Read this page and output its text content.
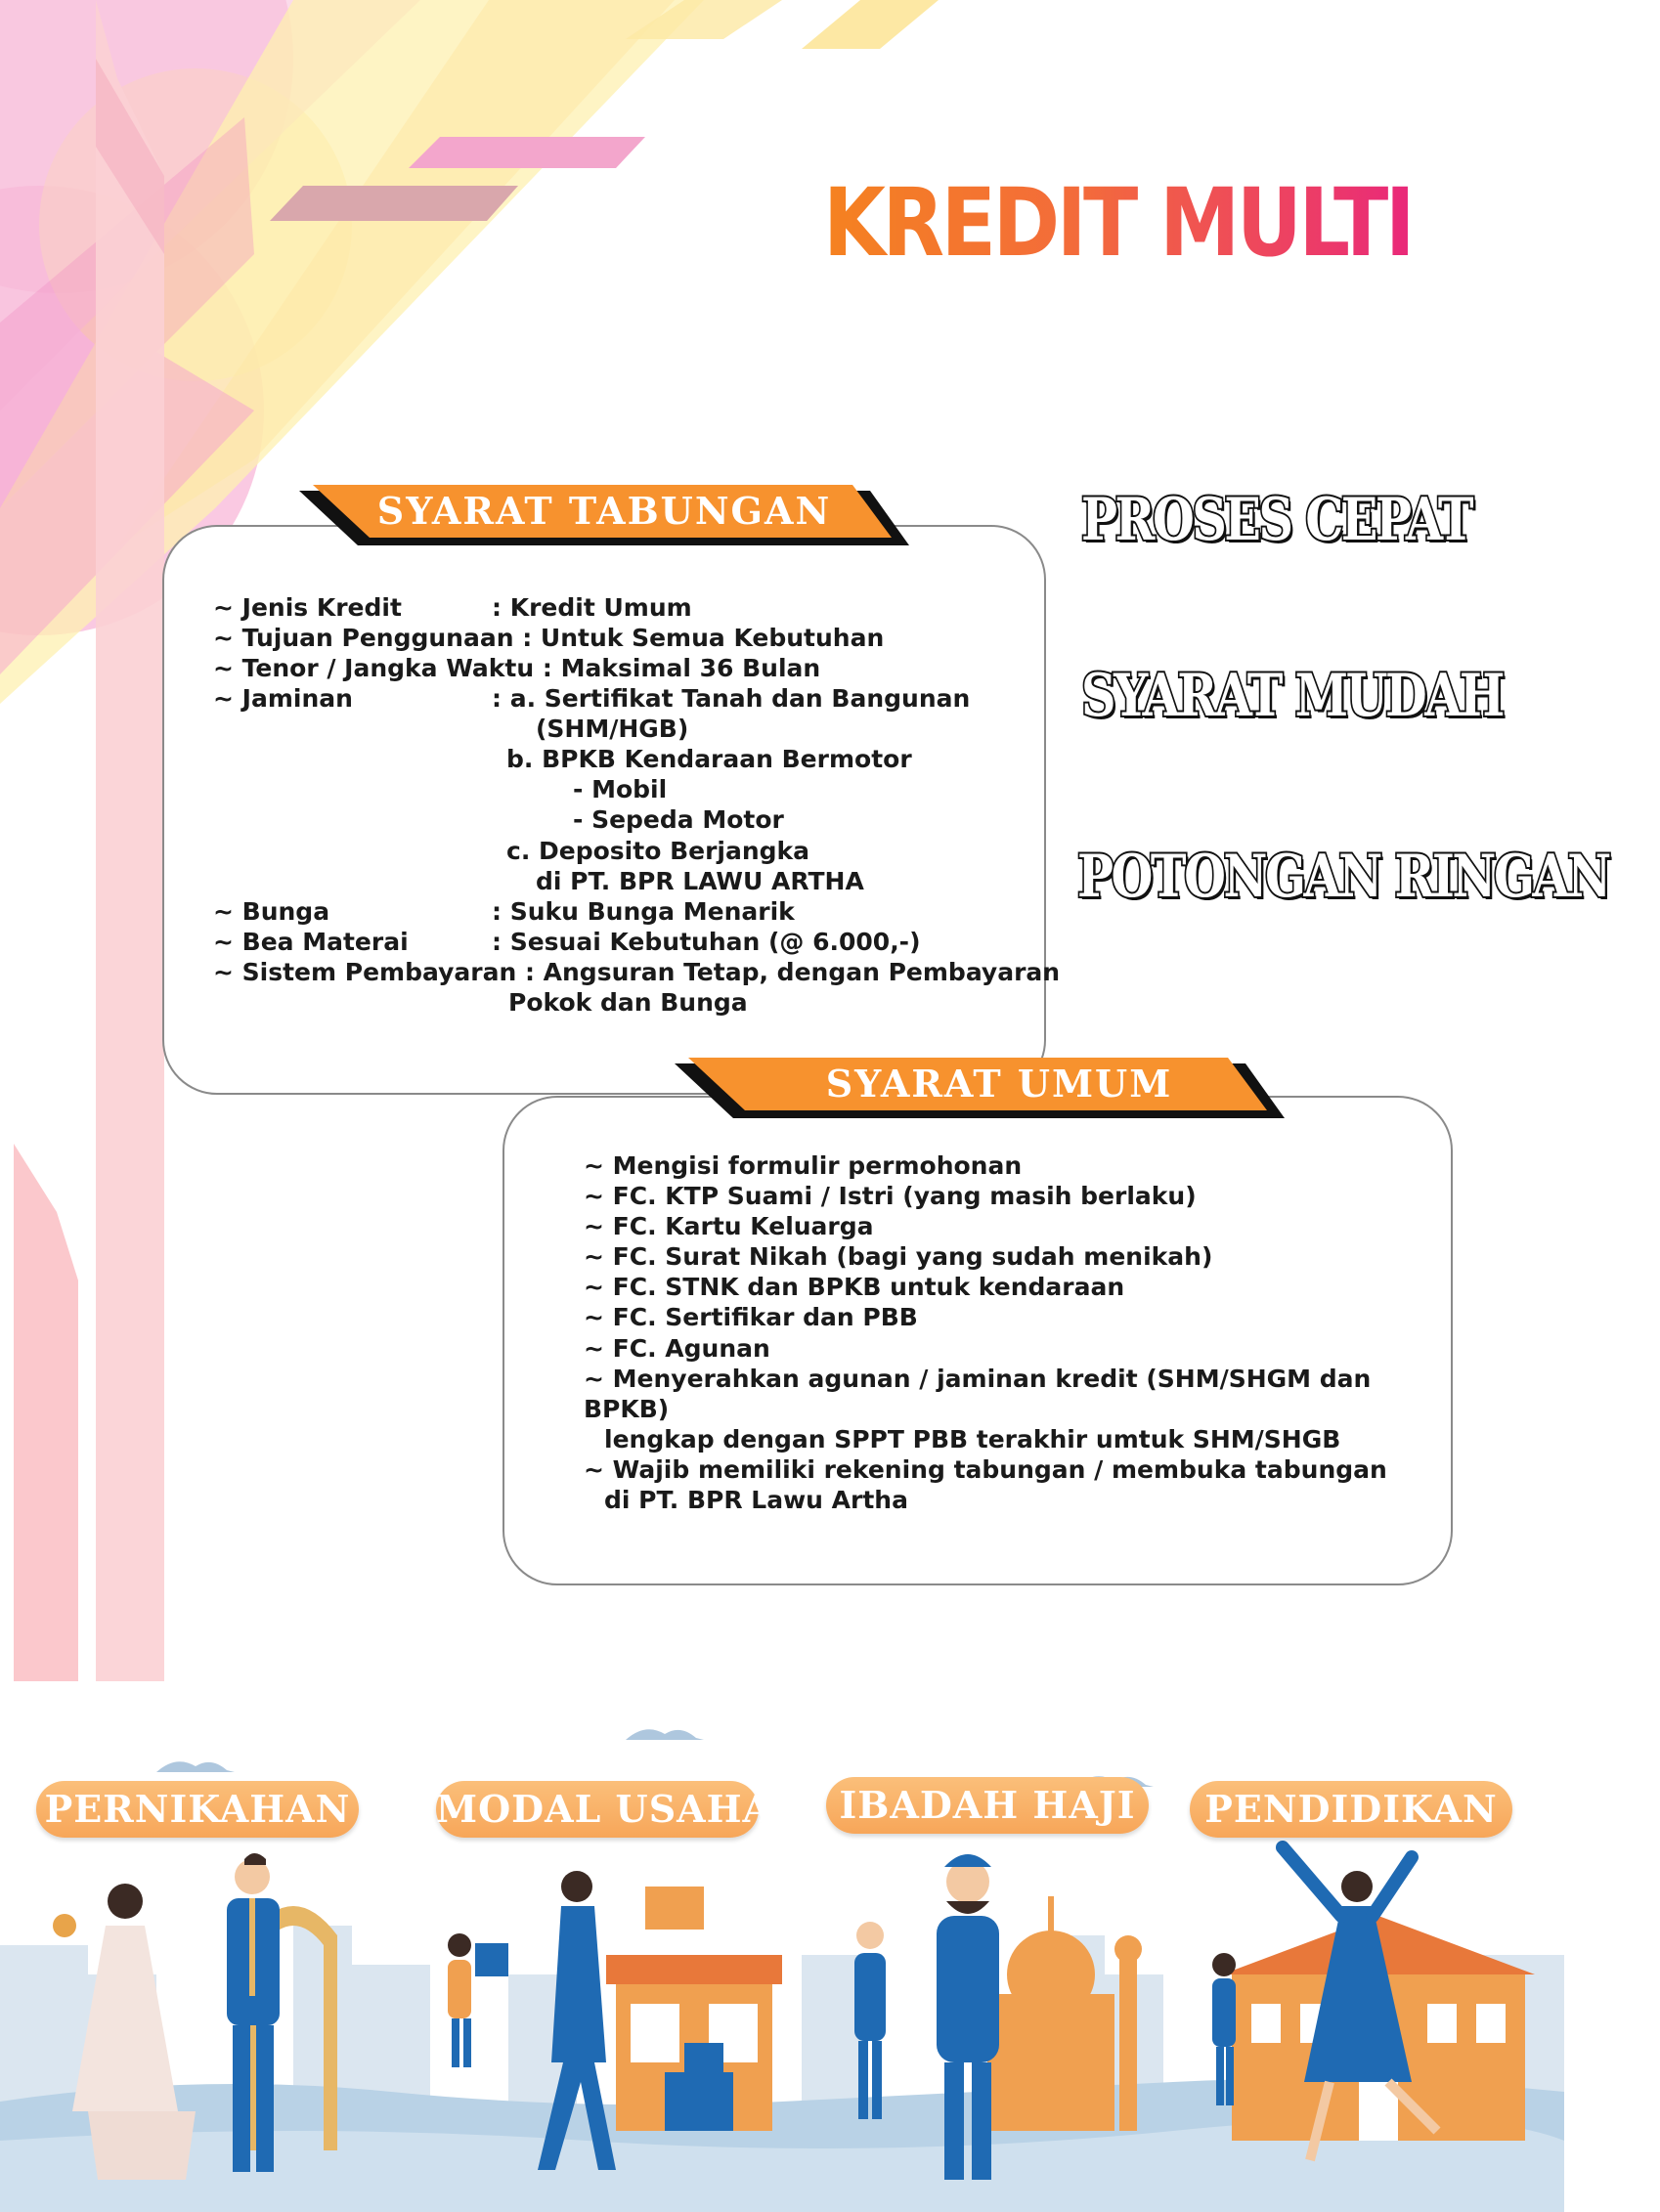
KREDIT MULTIGUNA
SYARAT TABUNGAN
~ Jenis Kredit	: Kredit Umum
~ Tujuan Penggunaan : Untuk Semua Kebutuhan
~ Tenor / Jangka Waktu : Maksimal 36 Bulan
~ Jaminan	: a. Sertifikat Tanah dan Bangunan
(SHM/HGB)
b. BPKB Kendaraan Bermotor
- Mobil
- Sepeda Motor
c. Deposito Berjangka
di PT. BPR LAWU ARTHA
~ Bunga	: Suku Bunga Menarik
~ Bea Materai	: Sesuai Kebutuhan (@ 6.000,-)
~ Sistem Pembayaran : Angsuran Tetap, dengan Pembayaran
Pokok dan Bunga
SYARAT UMUM
~ Mengisi formulir permohonan
~ FC. KTP Suami / Istri (yang masih berlaku)
~ FC. Kartu Keluarga
~ FC. Surat Nikah (bagi yang sudah menikah)
~ FC. STNK dan BPKB untuk kendaraan
~ FC. Sertifikar dan PBB
~ FC. Agunan
~ Menyerahkan agunan / jaminan kredit (SHM/SHGM dan
BPKB)
lengkap dengan SPPT PBB terakhir umtuk SHM/SHGB
~ Wajib memiliki rekening tabungan / membuka tabungan
di PT. BPR Lawu Artha
PROSES CEPAT
SYARAT MUDAH
POTONGAN RINGAN
PERNIKAHAN MODAL USAHA	IBADAH HAJI	PENDIDIKAN
